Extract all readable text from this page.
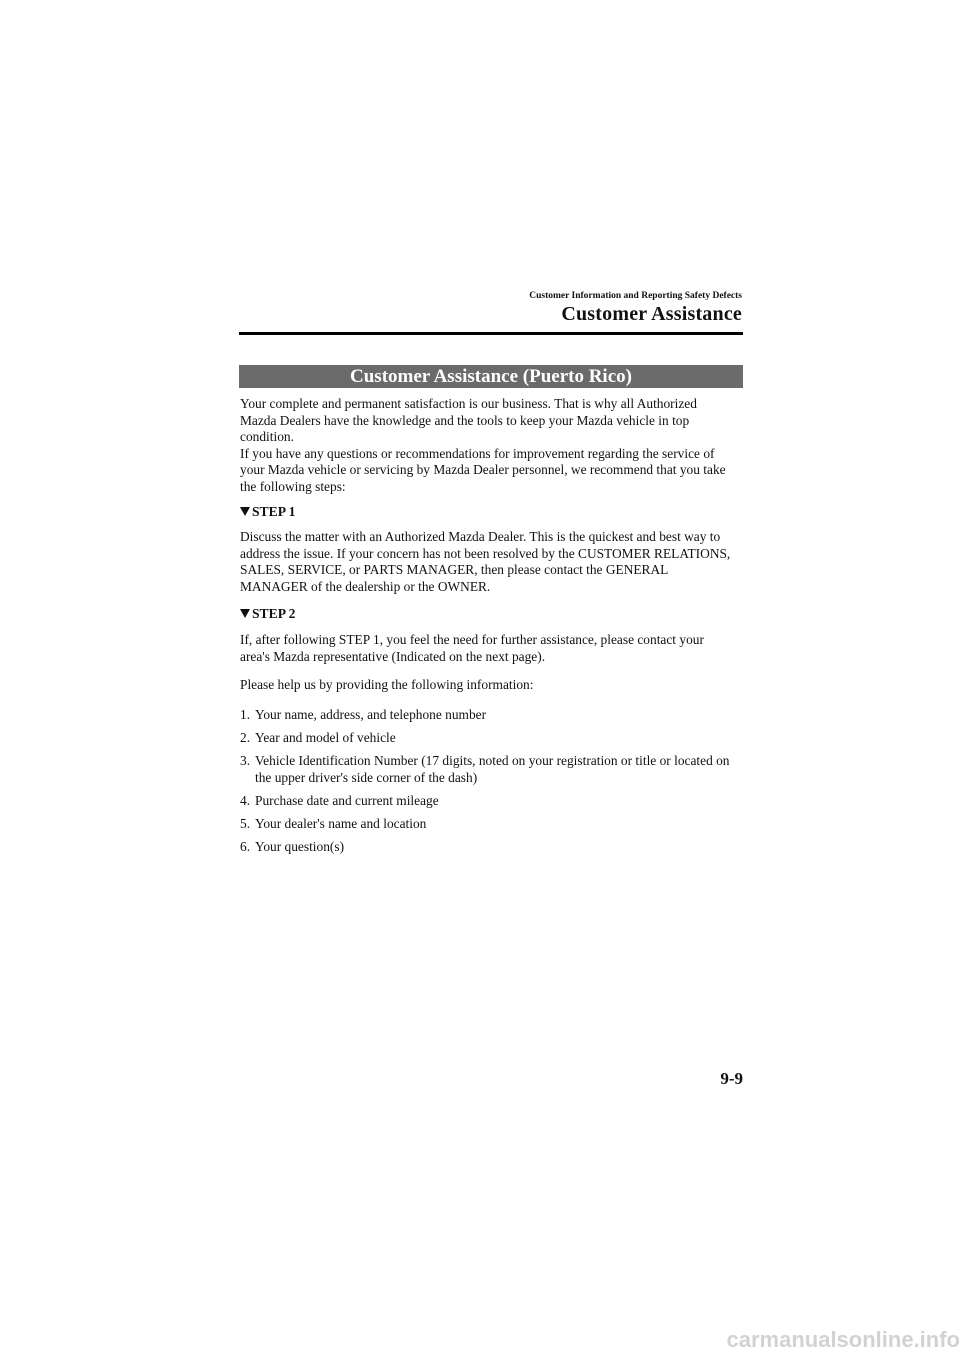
Customer Information and Reporting Safety Defects
Customer Assistance
Customer Assistance (Puerto Rico)
Your complete and permanent satisfaction is our business. That is why all Authorized
Mazda Dealers have the knowledge and the tools to keep your Mazda vehicle in top
condition.
If you have any questions or recommendations for improvement regarding the service of
your Mazda vehicle or servicing by Mazda Dealer personnel, we recommend that you take
the following steps:
STEP 1
Discuss the matter with an Authorized Mazda Dealer. This is the quickest and best way to
address the issue. If your concern has not been resolved by the CUSTOMER RELATIONS,
SALES, SERVICE, or PARTS MANAGER, then please contact the GENERAL
MANAGER of the dealership or the OWNER.
STEP 2
If, after following STEP 1, you feel the need for further assistance, please contact your
area's Mazda representative (Indicated on the next page).
Please help us by providing the following information:
1. Your name, address, and telephone number
2. Year and model of vehicle
3. Vehicle Identification Number (17 digits, noted on your registration or title or located on
the upper driver's side corner of the dash)
4. Purchase date and current mileage
5. Your dealer's name and location
6. Your question(s)
9-9
carmanualsonline.info
